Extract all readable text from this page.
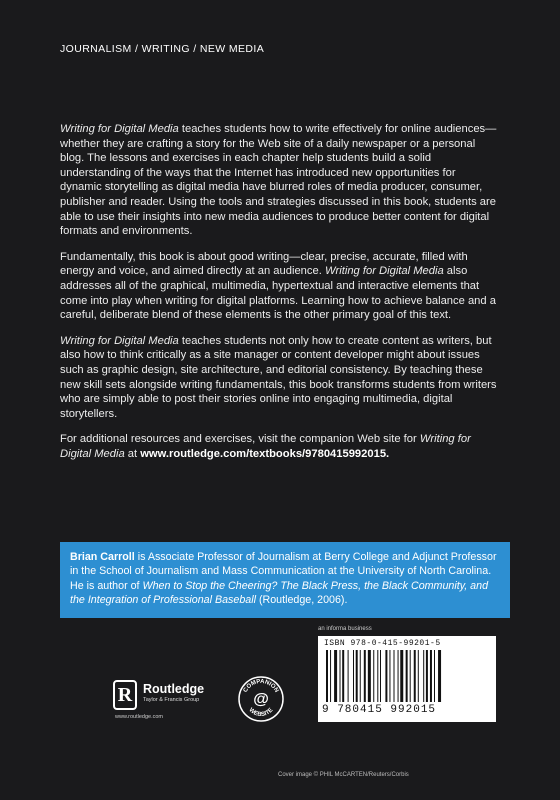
JOURNALISM / WRITING / NEW MEDIA

Writing for Digital Media teaches students how to write effectively for online audiences—whether they are crafting a story for the Web site of a daily newspaper or a personal blog. The lessons and exercises in each chapter help students build a solid understanding of the ways that the Internet has introduced new opportunities for dynamic storytelling as digital media have blurred roles of media producer, consumer, publisher and reader. Using the tools and strategies discussed in this book, students are able to use their insights into new media audiences to produce better content for digital formats and environments.

Fundamentally, this book is about good writing—clear, precise, accurate, filled with energy and voice, and aimed directly at an audience. Writing for Digital Media also addresses all of the graphical, multimedia, hypertextual and interactive elements that come into play when writing for digital platforms. Learning how to achieve balance and a careful, deliberate blend of these elements is the other primary goal of this text.

Writing for Digital Media teaches students not only how to create content as writers, but also how to think critically as a site manager or content developer might about issues such as graphic design, site architecture, and editorial consistency. By teaching these new skill sets alongside writing fundamentals, this book transforms students from writers who are simply able to post their stories online into engaging multimedia, digital storytellers.

For additional resources and exercises, visit the companion Web site for Writing for Digital Media at www.routledge.com/textbooks/9780415992015.

Brian Carroll is Associate Professor of Journalism at Berry College and Adjunct Professor in the School of Journalism and Mass Communication at the University of North Carolina. He is author of When to Stop the Cheering? The Black Press, the Black Community, and the Integration of Professional Baseball (Routledge, 2006).
R Routledge
Taylor & Francis Group
www.routledge.com
COMPANION
WEBSITE
@
an informa business
ISBN 978-0-415-99201-5
9 780415 992015
Cover image © PHIL McCARTEN/Reuters/Corbis
